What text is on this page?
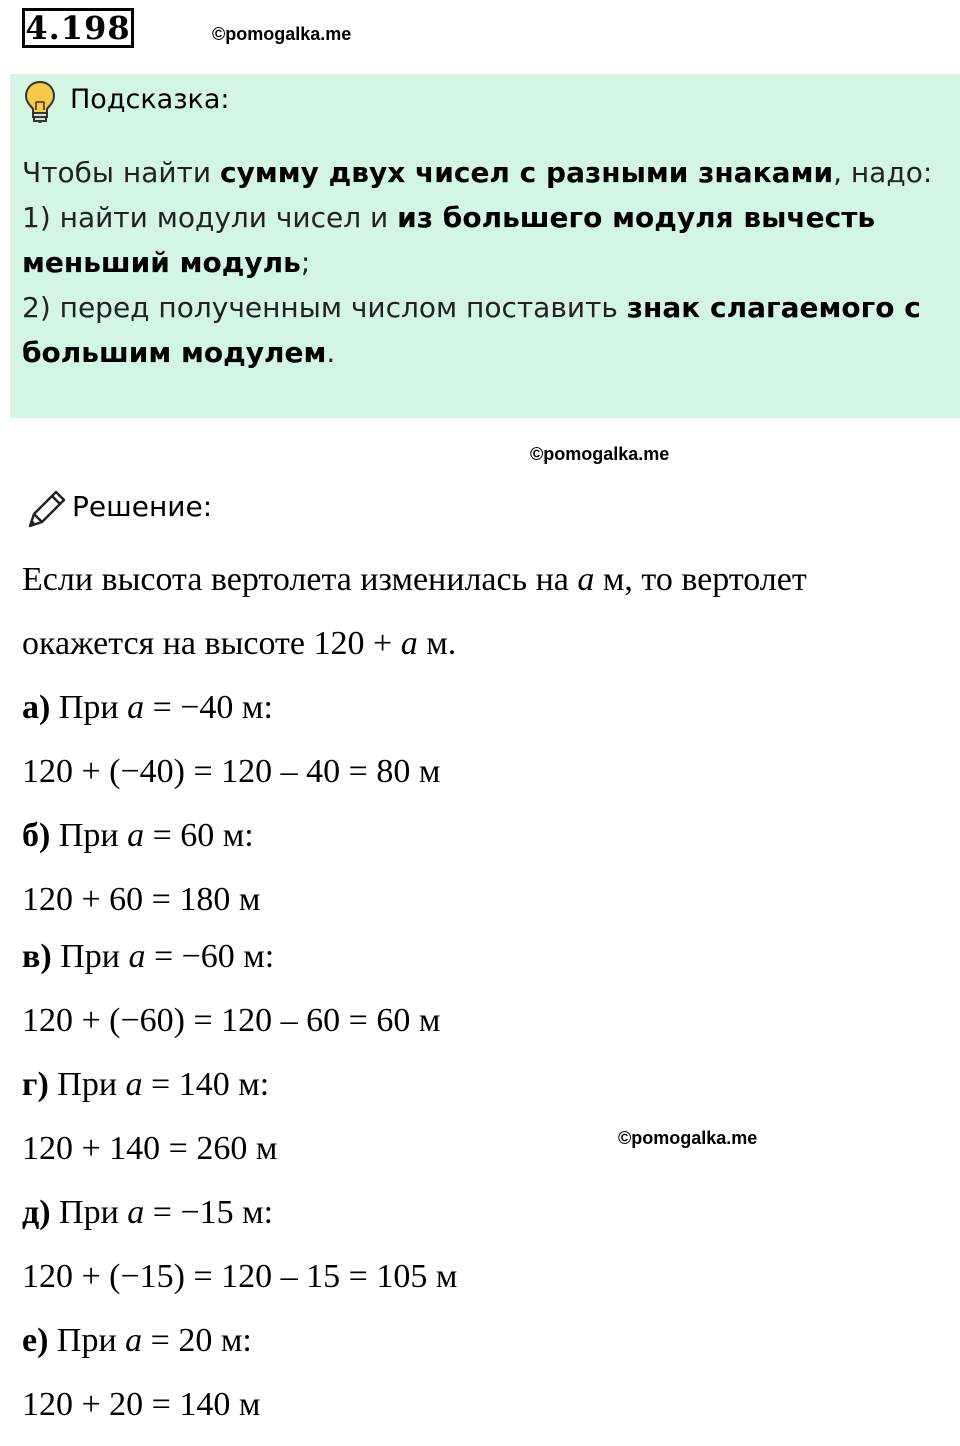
4.198	©pomogalka.me
Подсказка:
Чтобы найти сумму двух чисел с разными знаками, надо:
1) найти модули чисел и из большего модуля вычесть меньший модуль;
2) перед полученным числом поставить знак слагаемого с большим модулем.
©pomogalka.me
Решение:
Если высота вертолета изменилась на a м, то вертолет
окажется на высоте 120 + a м.
а) При a = −40 м:
120 + (−40) = 120 – 40 = 80 м
б) При a = 60 м:
120 + 60 = 180 м
в) При a = −60 м:
120 + (−60) = 120 – 60 = 60 м
г) При a = 140 м:
120 + 140 = 260 м	©pomogalka.me
д) При a = −15 м:
120 + (−15) = 120 – 15 = 105 м
е) При a = 20 м:
120 + 20 = 140 м
